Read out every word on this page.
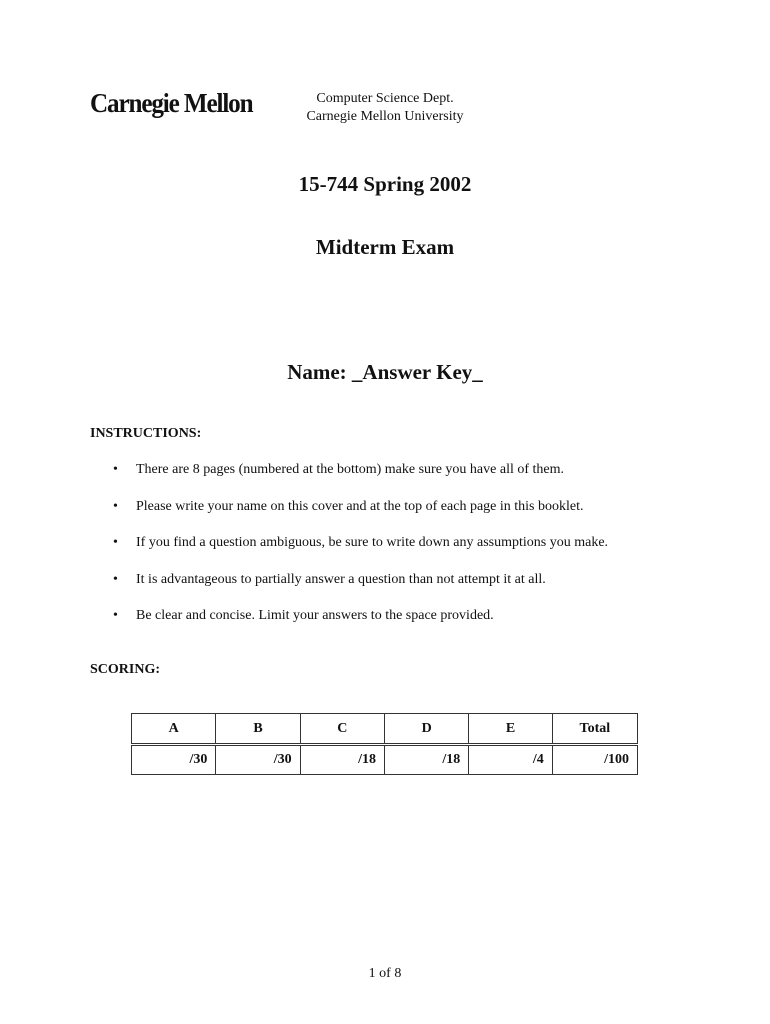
Carnegie Mellon	Computer Science Dept.
Carnegie Mellon University
15-744 Spring 2002
Midterm Exam
Name: _Answer Key_
INSTRUCTIONS:
• There are 8 pages (numbered at the bottom) make sure you have all of them.
• Please write your name on this cover and at the top of each page in this booklet.
• If you find a question ambiguous, be sure to write down any assumptions you make.
• It is advantageous to partially answer a question than not attempt it at all.
• Be clear and concise. Limit your answers to the space provided.
SCORING:
A	B	C	D	E	Total
/30	/30	/18	/18	/4	/100
1 of 8
